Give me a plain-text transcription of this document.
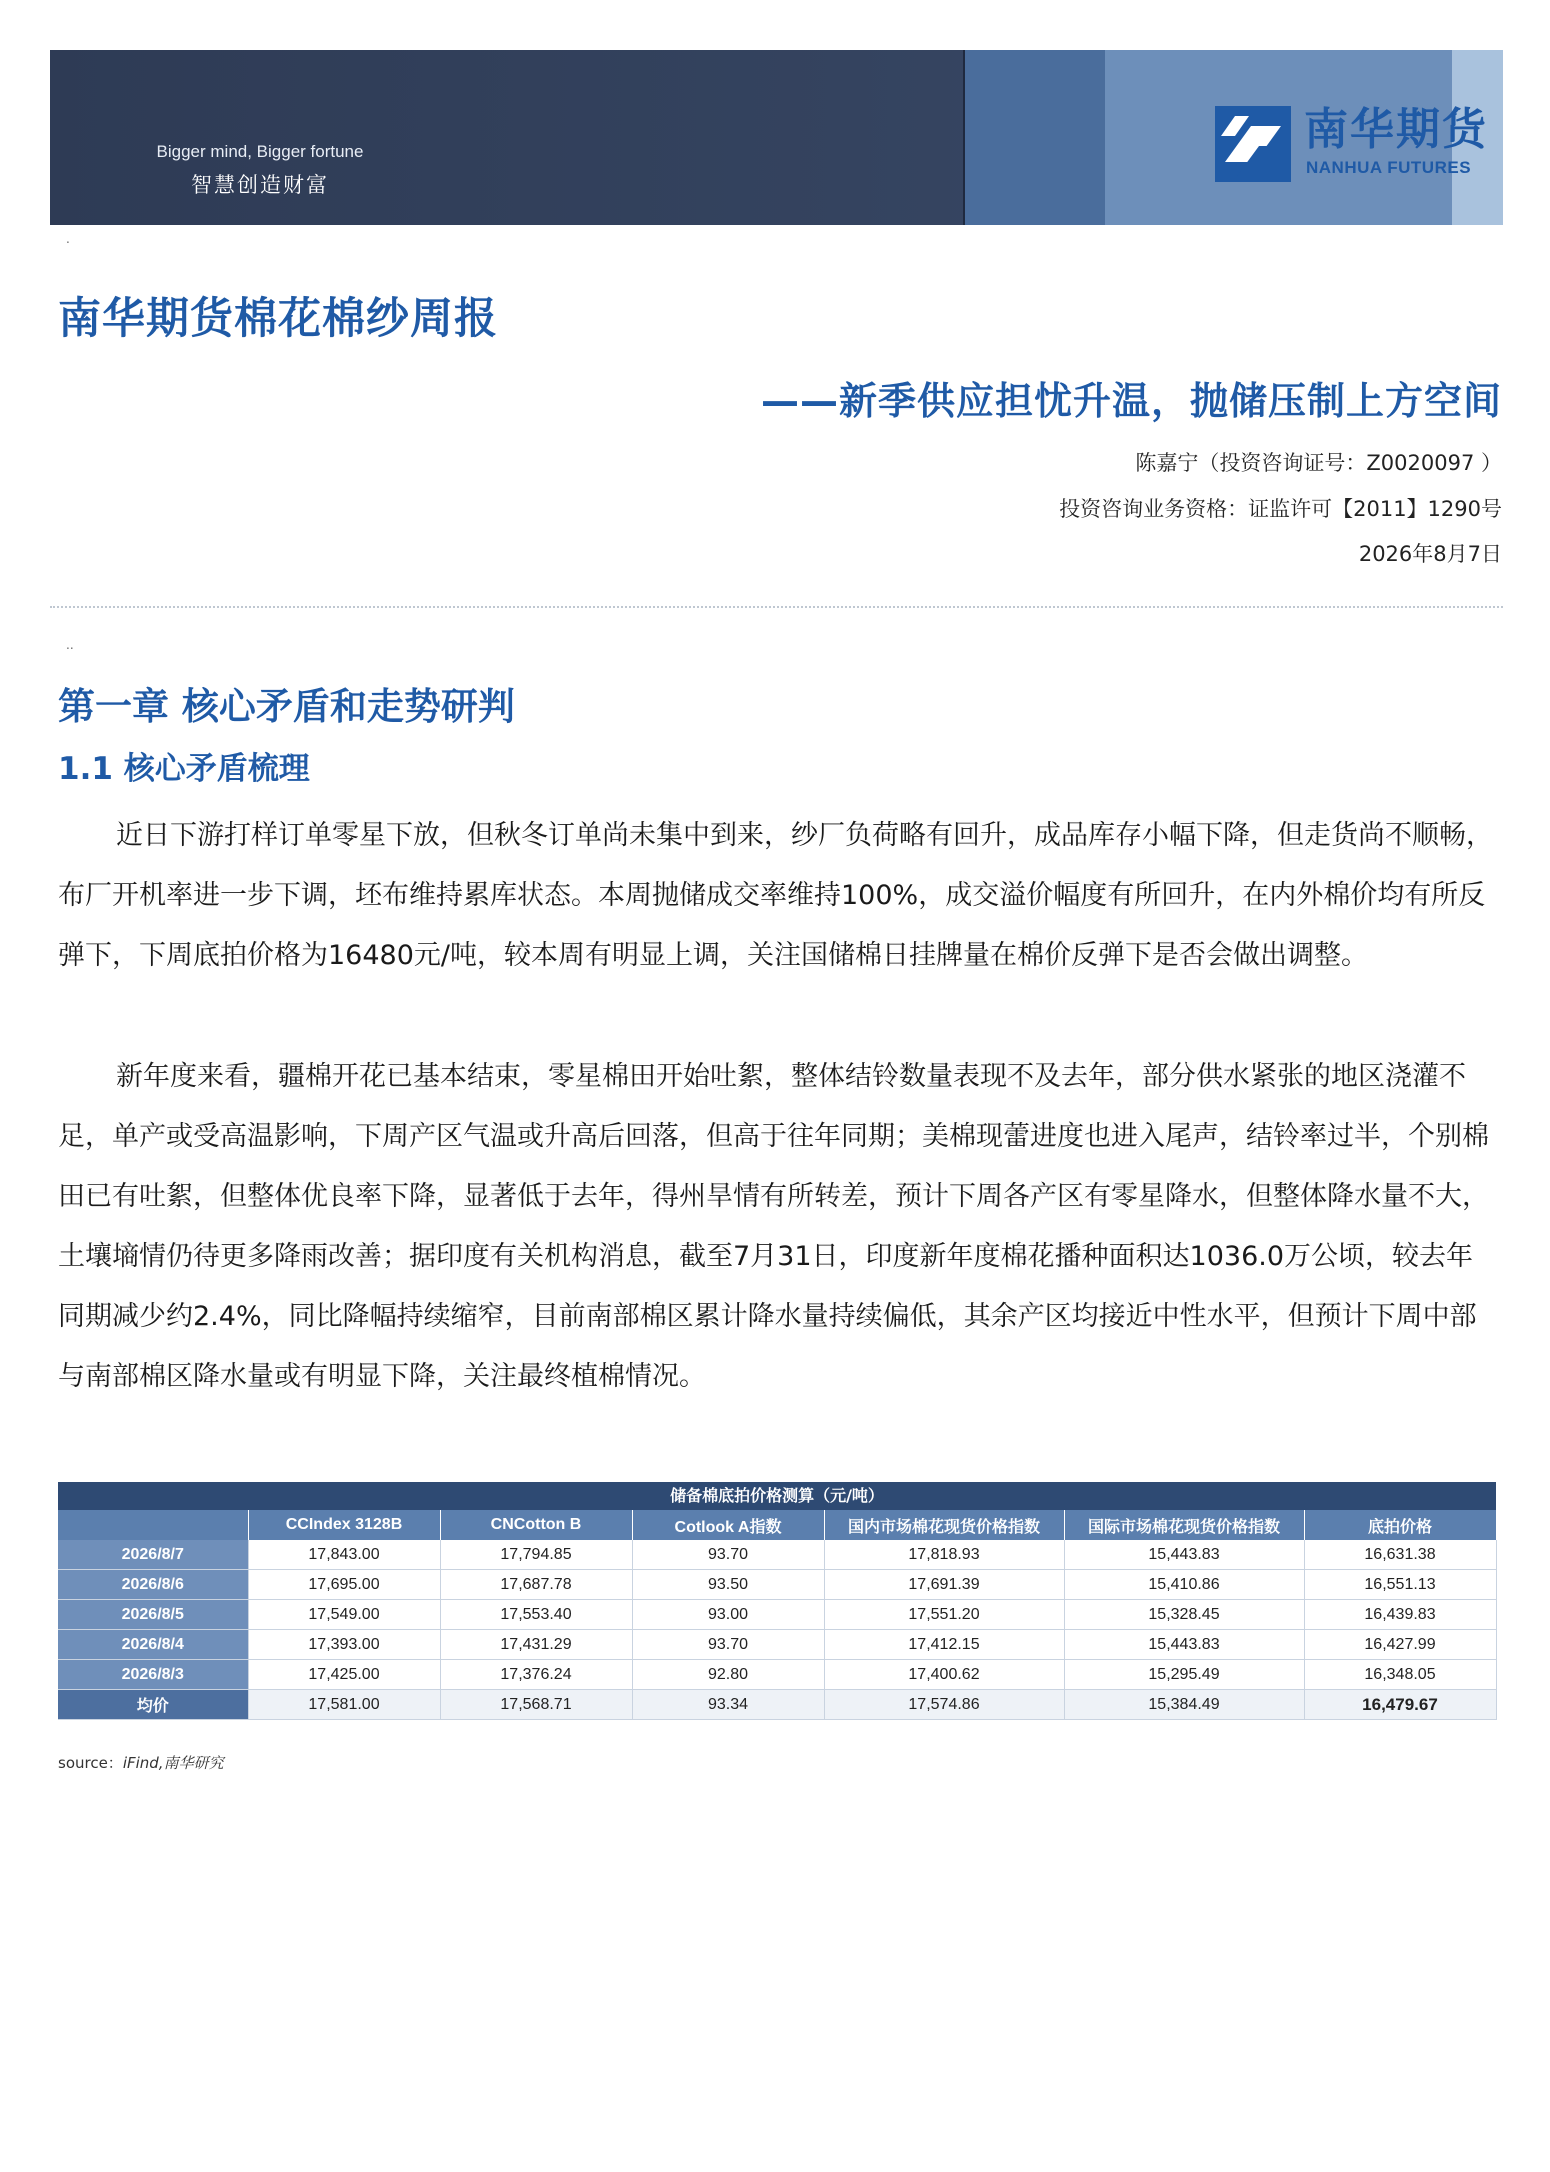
Bigger mind, Bigger fortune
智慧创造财富
南华期货
NANHUA FUTURES
.
南华期货棉花棉纱周报
——新季供应担忧升温，抛储压制上方空间
陈嘉宁（投资咨询证号：Z0020097 ）
投资咨询业务资格：证监许可【2011】1290号
2026年8月7日
..
第一章 核心矛盾和走势研判
1.1 核心矛盾梳理

近日下游打样订单零星下放，但秋冬订单尚未集中到来，纱厂负荷略有回升，成品库存小幅下降，但走货尚不顺畅，布厂开机率进一步下调，坯布维持累库状态。本周抛储成交率维持100%，成交溢价幅度有所回升，在内外棉价均有所反弹下，下周底拍价格为16480元/吨，较本周有明显上调，关注国储棉日挂牌量在棉价反弹下是否会做出调整。

新年度来看，疆棉开花已基本结束，零星棉田开始吐絮，整体结铃数量表现不及去年，部分供水紧张的地区浇灌不足，单产或受高温影响，下周产区气温或升高后回落，但高于往年同期；美棉现蕾进度也进入尾声，结铃率过半，个别棉田已有吐絮，但整体优良率下降，显著低于去年，得州旱情有所转差，预计下周各产区有零星降水，但整体降水量不大，土壤墒情仍待更多降雨改善；据印度有关机构消息，截至7月31日，印度新年度棉花播种面积达1036.0万公顷，较去年同期减少约2.4%，同比降幅持续缩窄，目前南部棉区累计降水量持续偏低，其余产区均接近中性水平，但预计下周中部与南部棉区降水量或有明显下降，关注最终植棉情况。

储备棉底拍价格测算（元/吨）
	CCIndex 3128B	CNCotton B	Cotlook A指数	国内市场棉花现货价格指数	国际市场棉花现货价格指数	底拍价格
2026/8/7	17,843.00	17,794.85	93.70	17,818.93	15,443.83	16,631.38
2026/8/6	17,695.00	17,687.78	93.50	17,691.39	15,410.86	16,551.13
2026/8/5	17,549.00	17,553.40	93.00	17,551.20	15,328.45	16,439.83
2026/8/4	17,393.00	17,431.29	93.70	17,412.15	15,443.83	16,427.99
2026/8/3	17,425.00	17,376.24	92.80	17,400.62	15,295.49	16,348.05
均价	17,581.00	17,568.71	93.34	17,574.86	15,384.49	16,479.67
source：iFind,南华研究
